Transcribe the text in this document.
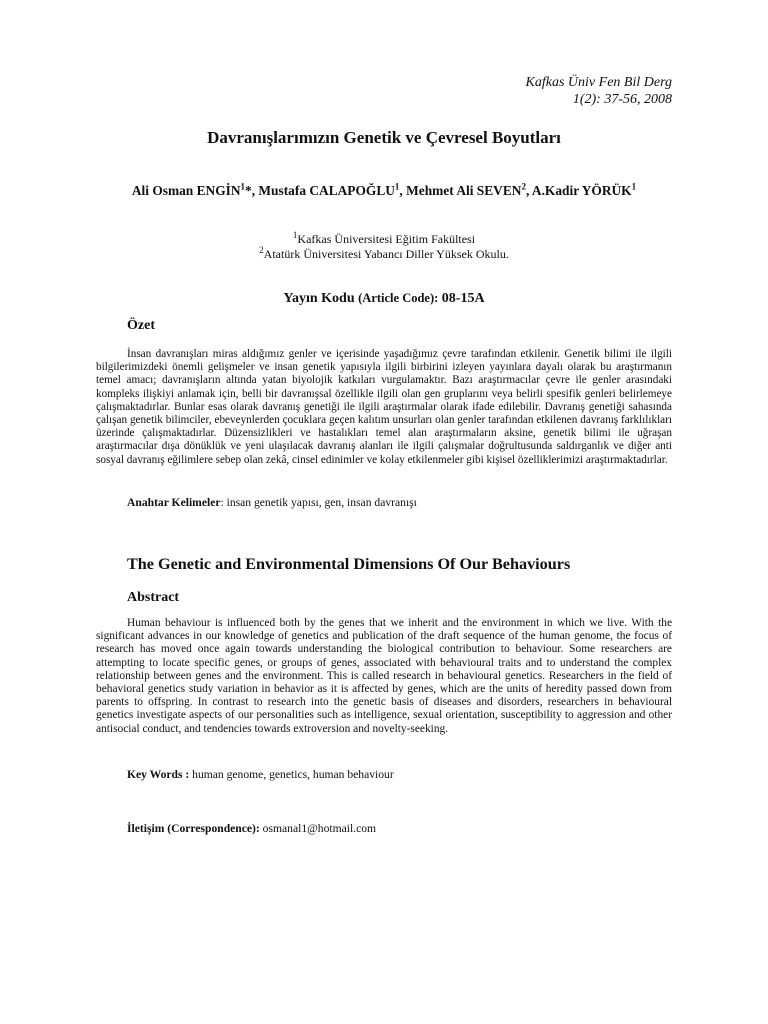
Kafkas Üniv Fen Bil Derg
1(2): 37-56, 2008
Davranışlarımızın Genetik ve Çevresel Boyutları
Ali Osman ENGİN$^1$*, Mustafa CALAPOĞLU$^1$, Mehmet Ali SEVEN$^2$, A.Kadir YÖRÜK$^1$
$^1$Kafkas Üniversitesi Eğitim Fakültesi
$^2$Atatürk Üniversitesi Yabancı Diller Yüksek Okulu.
Yayın Kodu (Article Code): 08-15A
Özet
İnsan davranışları miras aldığımız genler ve içerisinde yaşadığımız çevre tarafından etkilenir. Genetik bilimi ile ilgili bilgilerimizdeki önemli gelişmeler ve insan genetik yapısıyla ilgili birbirini izleyen yayınlara dayalı olarak bu araştırmanın temel amacı; davranışların altında yatan biyolojik katkıları vurgulamaktır. Bazı araştırmacılar çevre ile genler arasındaki kompleks ilişkiyi anlamak için, belli bir davranışsal özellikle ilgili olan gen gruplarını veya belirli spesifik genleri belirlemeye çalışmaktadırlar. Bunlar esas olarak davranış genetiği ile ilgili araştırmalar olarak ifade edilebilir. Davranış genetiği sahasında çalışan genetik bilimciler, ebeveynlerden çocuklara geçen kalıtım unsurları olan genler tarafından etkilenen davranış farklılıkları üzerinde çalışmaktadırlar. Düzensizlikleri ve hastalıkları temel alan araştırmaların aksine, genetik bilimi ile uğraşan araştırmacılar dışa dönüklük ve yeni ulaşılacak davranış alanları ile ilgili çalışmalar doğrultusunda saldırganlık ve diğer anti sosyal davranış eğilimlere sebep olan zekâ, cinsel edinimler ve kolay etkilenmeler gibi kişisel özelliklerimizi araştırmaktadırlar.
Anahtar Kelimeler: insan genetik yapısı, gen, insan davranışı
The Genetic and Environmental Dimensions Of Our Behaviours
Abstract
Human behaviour is influenced both by the genes that we inherit and the environment in which we live. With the significant advances in our knowledge of genetics and publication of the draft sequence of the human genome, the focus of research has moved once again towards understanding the biological contribution to behaviour. Some researchers are attempting to locate specific genes, or groups of genes, associated with behavioural traits and to understand the complex relationship between genes and the environment. This is called research in behavioural genetics. Researchers in the field of behavioral genetics study variation in behavior as it is affected by genes, which are the units of heredity passed down from parents to offspring. In contrast to research into the genetic basis of diseases and disorders, researchers in behavioural genetics investigate aspects of our personalities such as intelligence, sexual orientation, susceptibility to aggression and other antisocial conduct, and tendencies towards extroversion and novelty-seeking.
Key Words : human genome, genetics, human behaviour
İletişim (Correspondence): osmanal1@hotmail.com
